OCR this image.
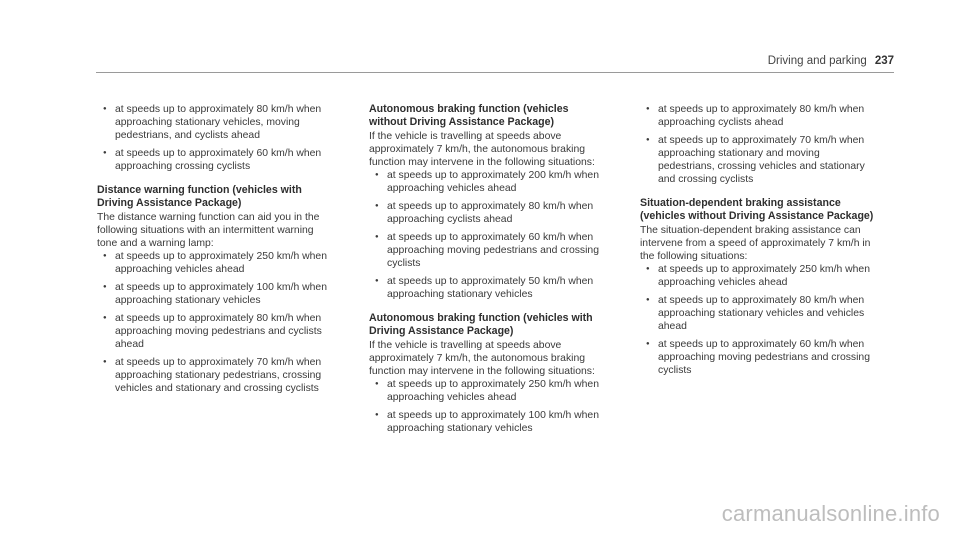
Driving and parking 237
● at speeds up to approximately 80 km/h when approaching stationary vehicles, moving pedestrians, and cyclists ahead
● at speeds up to approximately 60 km/h when approaching crossing cyclists
Distance warning function (vehicles with Driving Assistance Package)

The distance warning function can aid you in the following situations with an intermittent warning tone and a warning lamp:

● at speeds up to approximately 250 km/h when approaching vehicles ahead
● at speeds up to approximately 100 km/h when approaching stationary vehicles
● at speeds up to approximately 80 km/h when approaching moving pedestrians and cyclists ahead
● at speeds up to approximately 70 km/h when approaching stationary pedestrians, crossing vehicles and stationary and crossing cyclists
Autonomous braking function (vehicles without Driving Assistance Package)

If the vehicle is travelling at speeds above approximately 7 km/h, the autonomous braking function may intervene in the following situations:

● at speeds up to approximately 200 km/h when approaching vehicles ahead
● at speeds up to approximately 80 km/h when approaching cyclists ahead
● at speeds up to approximately 60 km/h when approaching moving pedestrians and crossing cyclists
● at speeds up to approximately 50 km/h when approaching stationary vehicles
Autonomous braking function (vehicles with Driving Assistance Package)

If the vehicle is travelling at speeds above approximately 7 km/h, the autonomous braking function may intervene in the following situations:

● at speeds up to approximately 250 km/h when approaching vehicles ahead
● at speeds up to approximately 100 km/h when approaching stationary vehicles
● at speeds up to approximately 80 km/h when approaching cyclists ahead
● at speeds up to approximately 70 km/h when approaching stationary and moving pedestrians, crossing vehicles and stationary and crossing cyclists
Situation-dependent braking assistance (vehicles without Driving Assistance Package)

The situation-dependent braking assistance can intervene from a speed of approximately 7 km/h in the following situations:

● at speeds up to approximately 250 km/h when approaching vehicles ahead
● at speeds up to approximately 80 km/h when approaching stationary vehicles and vehicles ahead
● at speeds up to approximately 60 km/h when approaching moving pedestrians and crossing cyclists
carmanualsonline.info
